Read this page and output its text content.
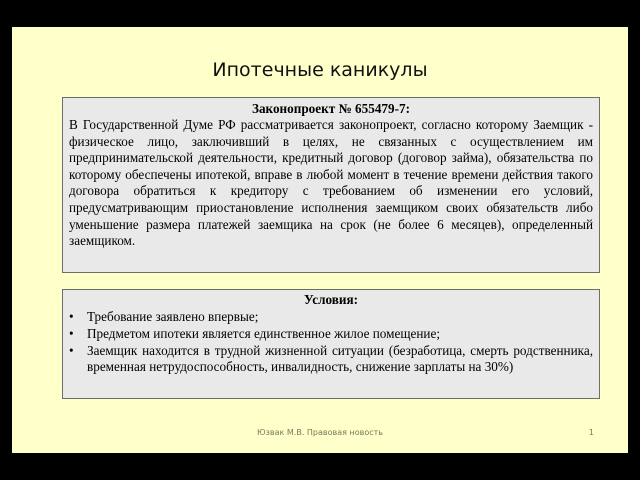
Ипотечные каникулы
Законопроект № 655479-7:
В Государственной Думе РФ рассматривается законопроект, согласно которому Заемщик - физическое лицо, заключивший в целях, не связанных с осуществлением им предпринимательской деятельности, кредитный договор (договор займа), обязательства по которому обеспечены ипотекой, вправе в любой момент в течение времени действия такого договора обратиться к кредитору с требованием об изменении его условий, предусматривающим приостановление исполнения заемщиком своих обязательств либо уменьшение размера платежей заемщика на срок (не более 6 месяцев), определенный заемщиком.
Условия:
• Требование заявлено впервые;
• Предметом ипотеки является единственное жилое помещение;
• Заемщик находится в трудной жизненной ситуации (безработица, смерть родственника, временная нетрудоспособность, инвалидность, снижение зарплаты на 30%)
Юзвак М.В. Правовая новость	1
